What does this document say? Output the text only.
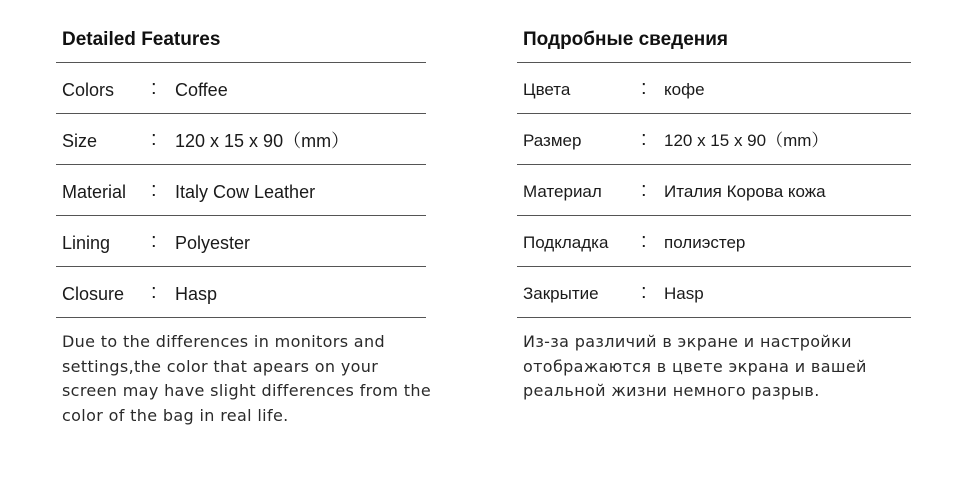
Detailed Features
Colors : Coffee
Size	: 120 x 15 x 90（mm）
Material : Italy Cow Leather
Lining : Polyester
Closure : Hasp

Due to the differences in monitors and
settings,the color that apears on your
screen may have slight differences from the
color of the bag in real life.

Подробные сведения
Цвета	: кофе
Размер	: 120 x 15 x 90（mm）
Материал : Италия Корова кожа
Подкладка : полиэстер
Закрытие : Hasp

Из-за различий в экране и настройки
отображаются в цвете экрана и вашей
реальной жизни немного разрыв.
